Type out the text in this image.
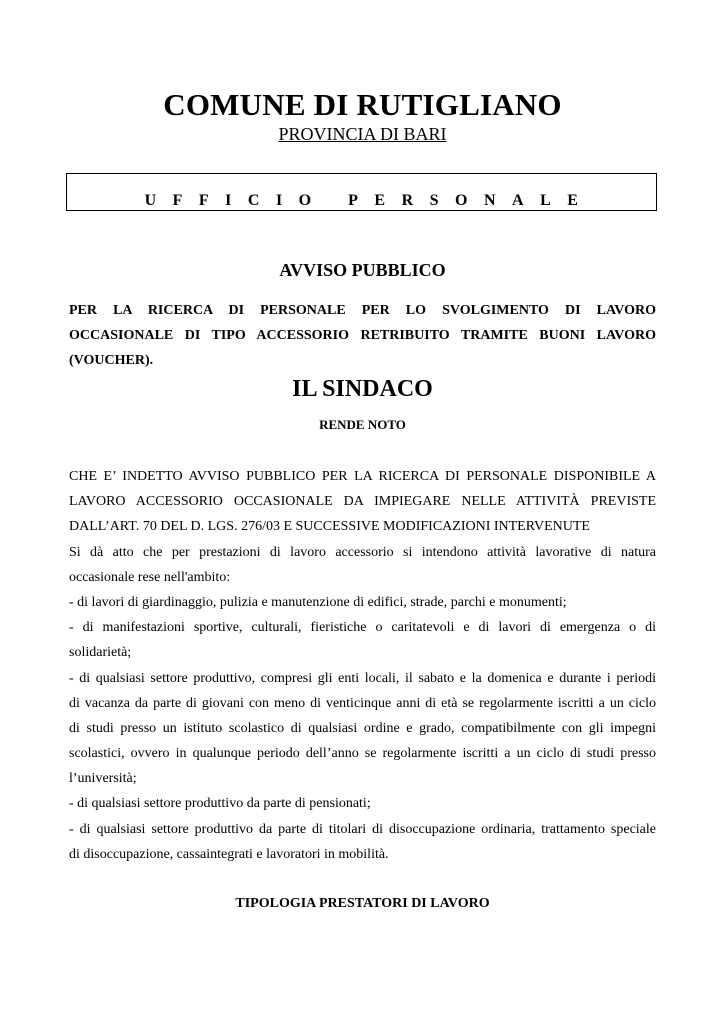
COMUNE DI RUTIGLIANO
PROVINCIA DI BARI
UFFICIO PERSONALE
AVVISO PUBBLICO
PER LA RICERCA DI PERSONALE PER LO SVOLGIMENTO DI LAVORO
OCCASIONALE DI TIPO ACCESSORIO RETRIBUITO TRAMITE BUONI LAVORO
(VOUCHER).
IL SINDACO
RENDE NOTO
CHE E’ INDETTO AVVISO PUBBLICO PER LA RICERCA DI PERSONALE DISPONIBILE A
LAVORO ACCESSORIO OCCASIONALE DA IMPIEGARE NELLE ATTIVITÀ PREVISTE
DALL’ART. 70 DEL D. LGS. 276/03 E SUCCESSIVE MODIFICAZIONI INTERVENUTE
Si dà atto che per prestazioni di lavoro accessorio si intendono attività lavorative di natura
occasionale rese nell'ambito:
- di lavori di giardinaggio, pulizia e manutenzione di edifici, strade, parchi e monumenti;
- di manifestazioni sportive, culturali, fieristiche o caritatevoli e di lavori di emergenza o di
solidarietà;
- di qualsiasi settore produttivo, compresi gli enti locali, il sabato e la domenica e durante i periodi
di vacanza da parte di giovani con meno di venticinque anni di età se regolarmente iscritti a un ciclo
di studi presso un istituto scolastico di qualsiasi ordine e grado, compatibilmente con gli impegni
scolastici, ovvero in qualunque periodo dell’anno se regolarmente iscritti a un ciclo di studi presso
l’università;
- di qualsiasi settore produttivo da parte di pensionati;
- di qualsiasi settore produttivo da parte di titolari di disoccupazione ordinaria, trattamento speciale
di disoccupazione, cassaintegrati e lavoratori in mobilità.
TIPOLOGIA PRESTATORI DI LAVORO
